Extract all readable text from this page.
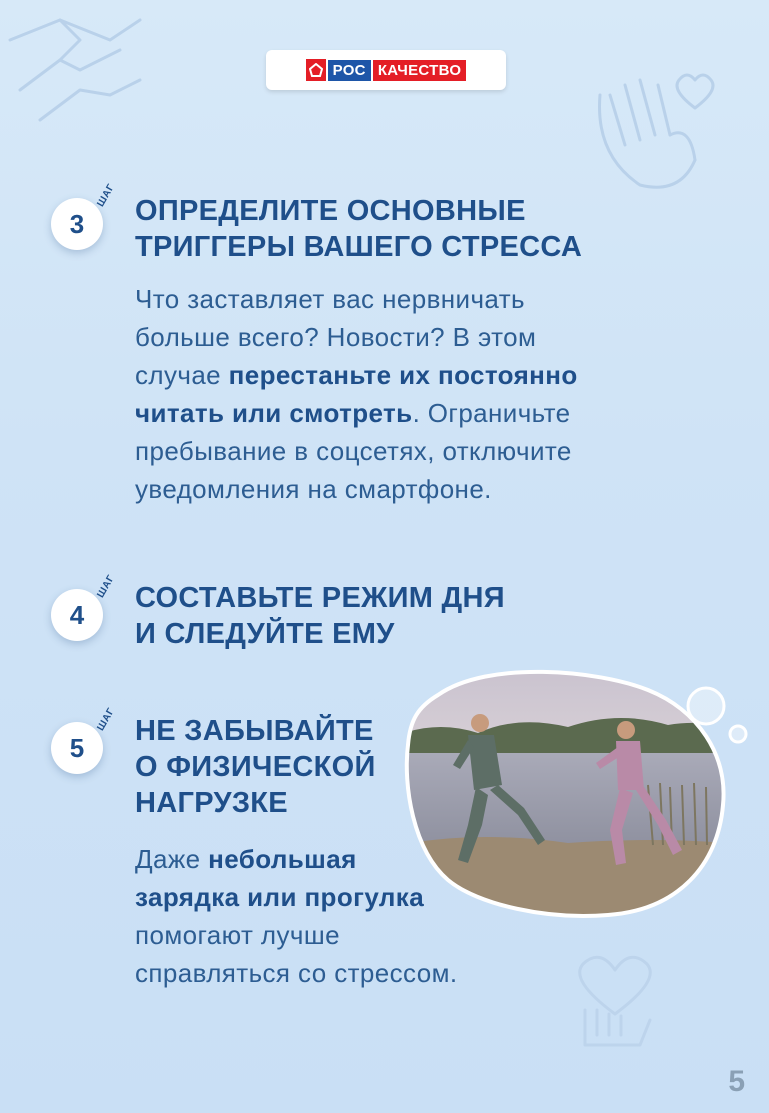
РОС КАЧЕСТВО
ШАГ
3	ОПРЕДЕЛИТЕ ОСНОВНЫЕ
ТРИГГЕРЫ ВАШЕГО СТРЕССА

Что заставляет вас нервничать
больше всего? Новости? В этом
случае перестаньте их постоянно
читать или смотреть. Ограничьте
пребывание в соцсетях, отключите
уведомления на смартфоне.

ШАГ
4
СОСТАВЬТЕ РЕЖИМ ДНЯ
И СЛЕДУЙТЕ ЕМУ
ШАГ
5
НЕ ЗАБЫВАЙТЕ
О ФИЗИЧЕСКОЙ
НАГРУЗКЕ

Даже небольшая
зарядка или прогулка
помогают лучше
справляться со стрессом.

5
